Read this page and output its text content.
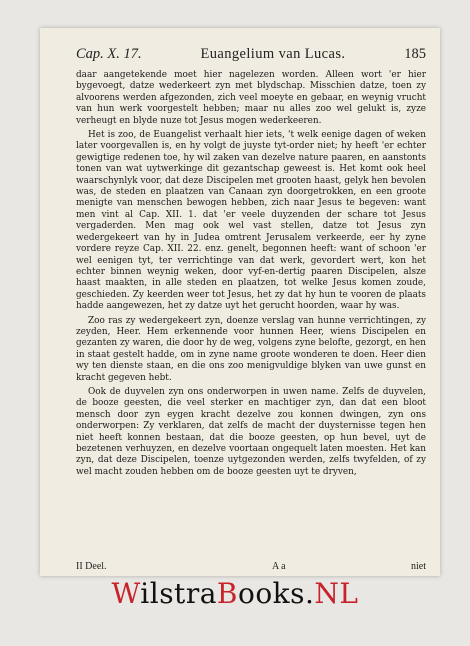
Cap. X. 17.	Euangelium van Lucas.	185

daar aangetekende moet hier nagelezen worden. Alleen wort 'er hier bygevoegt, datze wederkeert zyn met blydschap. Misschien datze, toen zy alvoorens werden afgezonden, zich veel moeyte en gebaar, en weynig vrucht van hun werk voorgestelt hebben; maar nu alles zoo wel gelukt is, zyze verheugt en blyde nuze tot Jesus mogen wederkeeren.

Het is zoo, de Euangelist verhaalt hier iets, 't welk eenige dagen of weken later voorgevallen is, en hy volgt de juyste tyt-order niet; hy heeft 'er echter gewigtige redenen toe, hy wil zaken van dezelve nature paaren, en aanstonts tonen van wat uytwerkinge dit gezantschap geweest is. Het komt ook heel waarschynlyk voor, dat deze Discipelen met grooten haast, gelyk hen bevolen was, de steden en plaatzen van Canaan zyn doorgetrokken, en een groote menigte van menschen bewogen hebben, zich naar Jesus te begeven: want men vint al Cap. XII. 1. dat 'er veele duyzenden der schare tot Jesus vergaderden. Men mag ook wel vast stellen, datze tot Jesus zyn wedergekeert van hy in Judea omtrent Jerusalem verkeerde, eer hy zyne vordere reyze Cap. XII. 22. enz. genelt, begonnen heeft: want of schoon 'er wel eenigen tyt, ter verrichtinge van dat werk, gevordert wert, kon het echter binnen weynig weken, door vyf-en-dertig paaren Discipelen, alsze haast maakten, in alle steden en plaatzen, tot welke Jesus komen zoude, geschieden. Zy keerden weer tot Jesus, het zy dat hy hun te vooren de plaats hadde aangewezen, het zy datze uyt het gerucht hoorden, waar hy was.

Zoo ras zy wedergekeert zyn, doenze verslag van hunne verrichtingen, zy zeyden, Heer. Hem erkennende voor hunnen Heer, wiens Discipelen en gezanten zy waren, die door hy de weg, volgens zyne belofte, gezorgt, en hen in staat gestelt hadde, om in zyne name groote wonderen te doen. Heer dien wy ten dienste staan, en die ons zoo menigvuldige blyken van uwe gunst en kracht gegeven hebt.

Ook de duyvelen zyn ons onderworpen in uwen name. Zelfs de duyvelen, de booze geesten, die veel sterker en machtiger zyn, dan dat een bloot mensch door zyn eygen kracht dezelve zou konnen dwingen, zyn ons onderworpen: Zy verklaren, dat zelfs de macht der duysternisse tegen hen niet heeft konnen bestaan, dat die booze geesten, op hun bevel, uyt de bezetenen verhuyzen, en dezelve voortaan ongequelt laten moesten. Het kan zyn, dat deze Discipelen, toenze uytgezonden werden, zelfs twyfelden, of zy wel macht zouden hebben om de booze geesten uyt te dryven,

II Deel.	A a	niet
WilstraBooks.NL
